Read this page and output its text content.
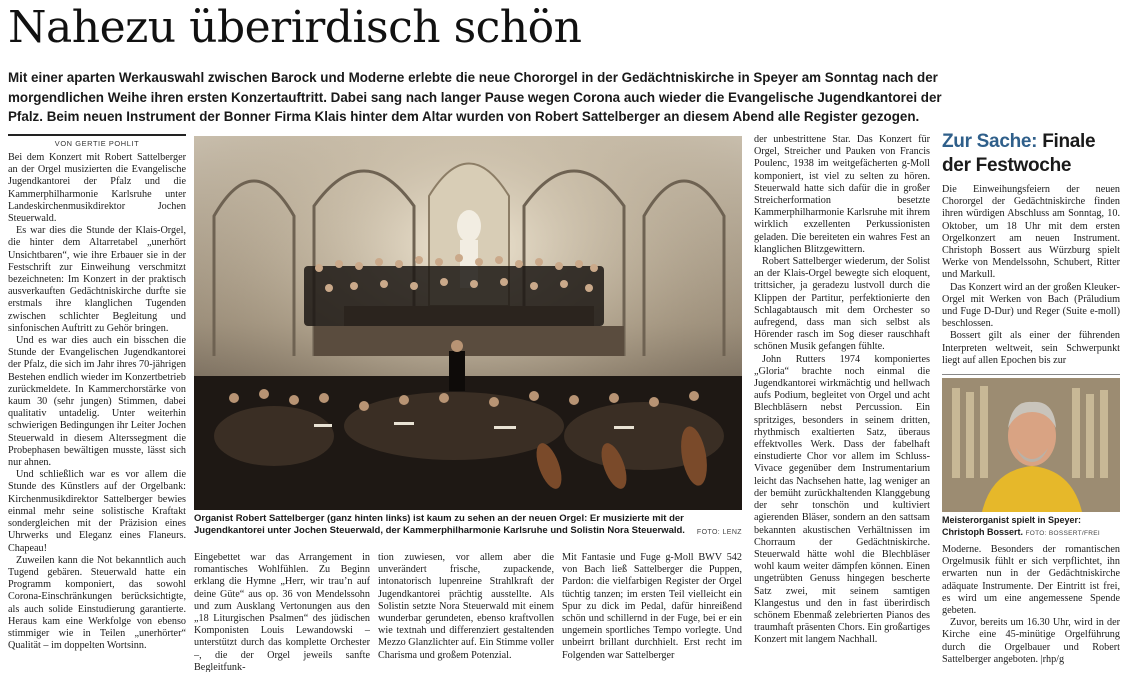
Nahezu überirdisch schön
Mit einer aparten Werkauswahl zwischen Barock und Moderne erlebte die neue Chororgel in der Gedächtniskirche in Speyer am Sonntag nach der morgendlichen Weihe ihren ersten Konzertauftritt. Dabei sang nach langer Pause wegen Corona auch wieder die Evangelische Jugendkantorei der Pfalz. Beim neuen Instrument der Bonner Firma Klais hinter dem Altar wurden von Robert Sattelberger an diesem Abend alle Register gezogen.
VON GERTIE POHLIT

Bei dem Konzert mit Robert Sattelberger an der Orgel musizierten die Evangelische Jugendkantorei der Pfalz und die Kammerphilharmonie Karlsruhe unter Landeskirchenmusikdirektor Jochen Steuerwald.

Es war dies die Stunde der Klais-Orgel, die hinter dem Altarretabel „unerhört Unsichtbaren“, wie ihre Erbauer sie in der Festschrift zur Einweihung verschmitzt bezeichneten: Im Konzert in der praktisch ausverkauften Gedächtniskirche durfte sie erstmals ihre klanglichen Tugenden zwischen schlichter Begleitung und sinfonischen Auftritt zu Gehör bringen.

Und es war dies auch ein bisschen die Stunde der Evangelischen Jugendkantorei der Pfalz, die sich im Jahr ihres 70-jährigen Bestehen endlich wieder im Konzertbetrieb zurückmeldete. In Kammerchorstärke von kaum 30 (sehr jungen) Stimmen, dabei qualitativ untadelig. Unter weiterhin schwierigen Bedingungen ihr Leiter Jochen Steuerwald in diesem Alterssegment die Probephasen bewältigen musste, lässt sich nur ahnen.

Und schließlich war es vor allem die Stunde des Künstlers auf der Orgelbank: Kirchenmusikdirektor Sattelberger bewies einmal mehr seine solistische Kraftakt sondergleichen mit der Präzision eines Uhrwerks und Eleganz eines Flaneurs. Chapeau!

Zuweilen kann die Not bekanntlich auch Tugend gebären. Steuerwald hatte ein Programm komponiert, das sowohl Corona-Einschränkungen berücksichtigte, als auch solide Einstudierung garantierte. Heraus kam eine Werkfolge von ebenso stimmiger wie in Teilen „unerhörter“ Qualität – im doppelten Wortsinn.

Organist Robert Sattelberger (ganz hinten links) ist kaum zu sehen an der neuen Orgel: Er musizierte mit der Jugendkantorei unter Jochen Steuerwald, der Kammerphilharmonie Karlsruhe und Solistin Nora Steuerwald. FOTO: LENZ

Eingebettet war das Arrangement in romantisches Wohlfühlen. Zu Beginn erklang die Hymne „Herr, wir trau’n auf deine Güte“ aus op. 36 von Mendelssohn und zum Ausklang Vertonungen aus den „18 Liturgischen Psalmen“ des jüdischen Komponisten Louis Lewandowski – unterstützt durch das komplette Orchester –, die der Orgel jeweils sanfte Begleitfunk-

tion zuwiesen, vor allem aber die unverändert frische, zupackende, intonatorisch lupenreine Strahlkraft der Jugendkantorei prächtig ausstellte. Als Solistin setzte Nora Steuerwald mit einem wunderbar gerundeten, ebenso kraftvollen wie textnah und differenziert gestaltenden Mezzo Glanzlichter auf. Ein Stimme voller Charisma und großem Potenzial.

Mit Fantasie und Fuge g-Moll BWV 542 von Bach ließ Sattelberger die Puppen, Pardon: die vielfarbigen Register der Orgel tüchtig tanzen; im ersten Teil vielleicht ein Spur zu dick im Pedal, dafür hinreißend schön und schillernd in der Fuge, bei er ein ungemein sportliches Tempo vorlegte. Und unbeirrt brillant durchhielt. Erst recht im Folgenden war Sattelberger

der unbestrittene Star. Das Konzert für Orgel, Streicher und Pauken von Francis Poulenc, 1938 im weitgefächerten g-Moll komponiert, ist viel zu selten zu hören. Steuerwald hatte sich dafür die in großer Streicherformation besetzte Kammerphilharmonie Karlsruhe mit ihrem wirklich exzellenten Perkussionisten geladen. Die bereiteten ein wahres Fest an klanglichen Blitzgewittern.

Robert Sattelberger wiederum, der Solist an der Klais-Orgel bewegte sich eloquent, trittsicher, ja geradezu lustvoll durch die Klippen der Partitur, perfektionierte den Schlagabtausch mit dem Orchester so aufregend, dass man sich selbst als Hörender rasch im Sog dieser rauschhaft schönen Musik gefangen fühlte.

John Rutters 1974 komponiertes „Gloria“ brachte noch einmal die Jugendkantorei wirkmächtig und hellwach aufs Podium, begleitet von Orgel und acht Blechbläsern nebst Percussion. Ein spritziges, besonders in seinem dritten, rhythmisch exaltierten Satz, überaus effektvolles Werk. Dass der fabelhaft einstudierte Chor vor allem im Schluss-Vivace gegenüber dem Instrumentarium leicht das Nachsehen hatte, lag weniger an der bemüht zurückhaltenden Klanggebung der sehr tonschön und kultiviert agierenden Bläser, sondern an den sattsam bekannten akustischen Verhältnissen im Chorraum der Gedächtniskirche. Steuerwald hätte wohl die Blechbläser wohl kaum weiter dämpfen können. Einen ungetrübten Genuss hingegen bescherte Satz zwei, mit seinem samtigen Klangestus und den in fast überirdisch schönem Ebenmaß zelebrierten Pianos des traumhaft präsenten Chors. Ein großartiges Konzert mit langem Nachhall.

Zur Sache: Finale der Festwoche

Die Einweihungsfeiern der neuen Chororgel der Gedächtniskirche finden ihren würdigen Abschluss am Sonntag, 10. Oktober, um 18 Uhr mit dem ersten Orgelkonzert am neuen Instrument. Christoph Bossert aus Würzburg spielt Werke von Mendelssohn, Schubert, Ritter und Markull.

Das Konzert wird an der großen Kleuker-Orgel mit Werken von Bach (Präludium und Fuge D-Dur) und Reger (Suite e-moll) beschlossen.

Bossert gilt als einer der führenden Interpreten weltweit, sein Schwerpunkt liegt auf allen Epochen bis zur

Meisterorganist spielt in Speyer: Christoph Bossert. FOTO: BOSSERT/FREI

Moderne. Besonders der romantischen Orgelmusik fühlt er sich verpflichtet, ihn erwarten nun in der Gedächtniskirche adäquate Instrumente. Der Eintritt ist frei, es wird um eine angemessene Spende gebeten.

Zuvor, bereits um 16.30 Uhr, wird in der Kirche eine 45-minütige Orgelführung durch die Orgelbauer und Robert Sattelberger angeboten. |rhp/g
